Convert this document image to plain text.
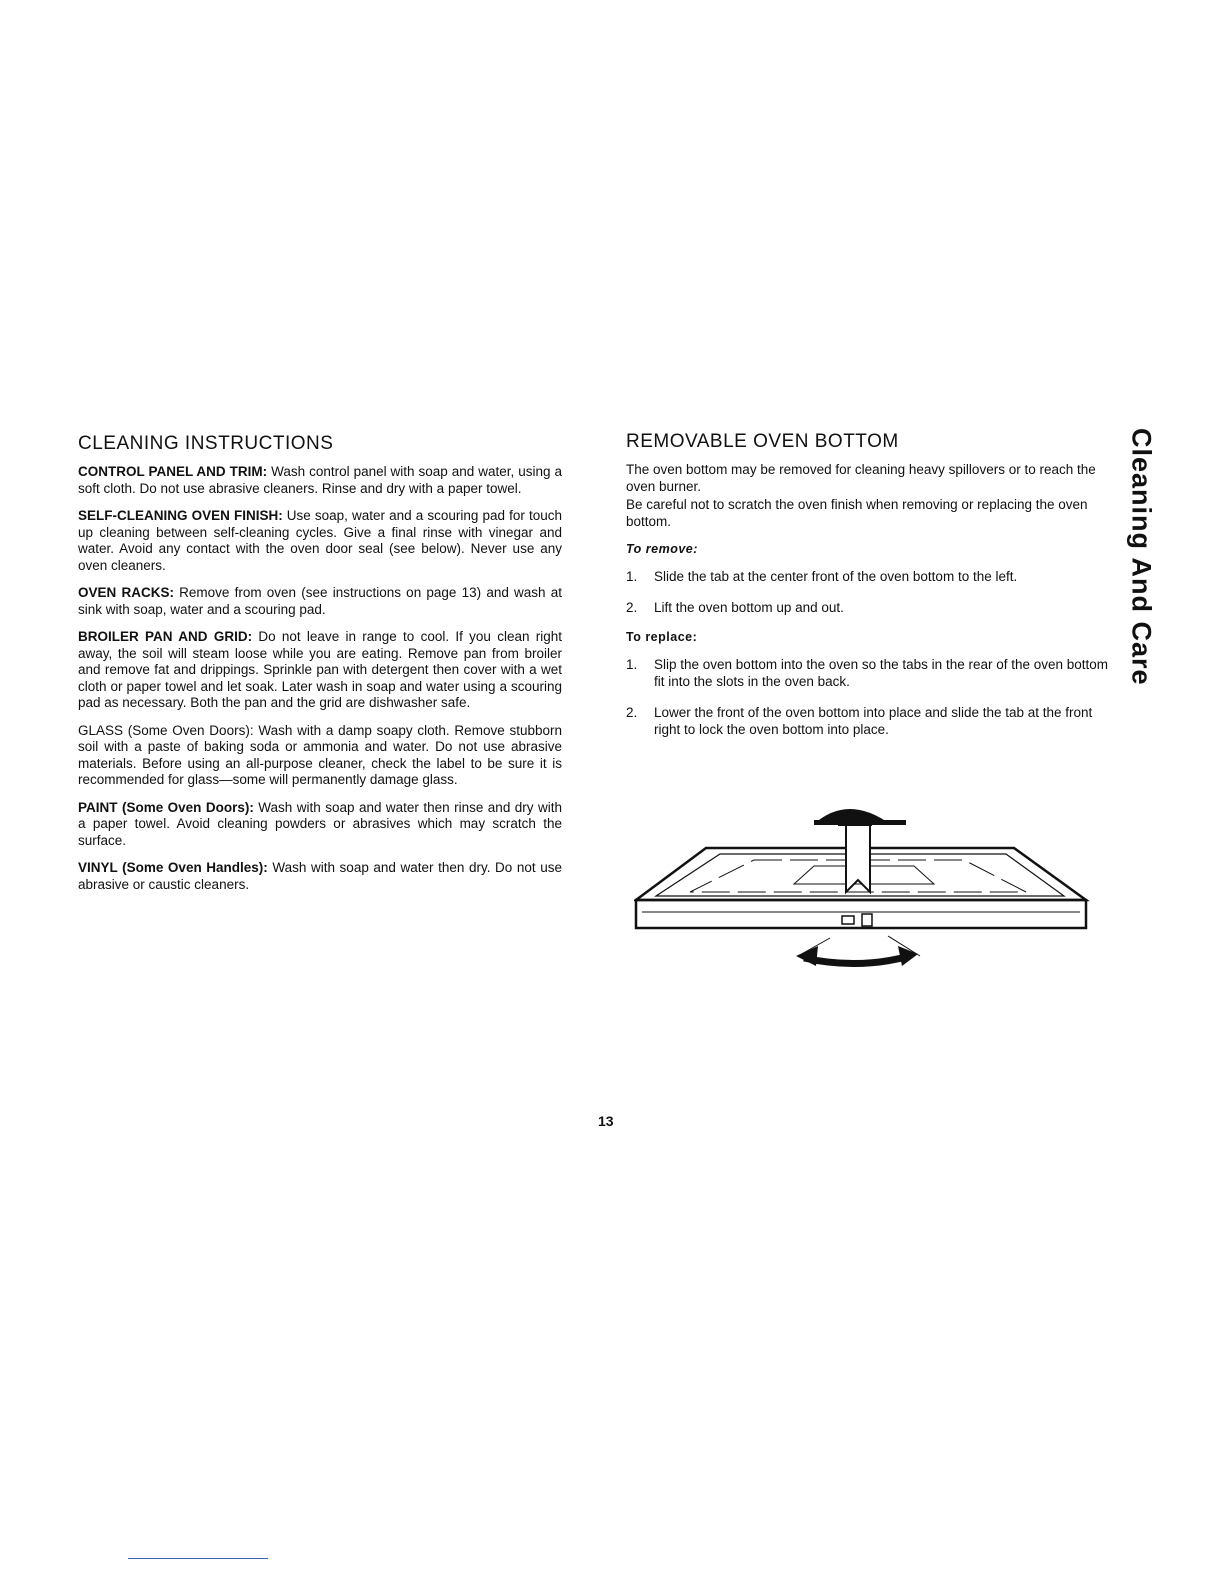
CLEANING INSTRUCTIONS

CONTROL PANEL AND TRIM: Wash control panel with soap and water, using a soft cloth. Do not use abrasive cleaners. Rinse and dry with a paper towel.

SELF-CLEANING OVEN FINISH: Use soap, water and a scouring pad for touch up cleaning between self-cleaning cycles. Give a final rinse with vinegar and water. Avoid any contact with the oven door seal (see below). Never use any oven cleaners.

OVEN RACKS: Remove from oven (see instructions on page 13) and wash at sink with soap, water and a scouring pad.

BROILER PAN AND GRID: Do not leave in range to cool. If you clean right away, the soil will steam loose while you are eating. Remove pan from broiler and remove fat and drippings. Sprinkle pan with detergent then cover with a wet cloth or paper towel and let soak. Later wash in soap and water using a scouring pad as necessary. Both the pan and the grid are dishwasher safe.

GLASS (Some Oven Doors): Wash with a damp soapy cloth. Remove stubborn soil with a paste of baking soda or ammonia and water. Do not use abrasive materials. Before using an all-purpose cleaner, check the label to be sure it is recommended for glass—some will permanently damage glass.

PAINT (Some Oven Doors): Wash with soap and water then rinse and dry with a paper towel. Avoid cleaning powders or abrasives which may scratch the surface.

VINYL (Some Oven Handles): Wash with soap and water then dry. Do not use abrasive or caustic cleaners.

REMOVABLE OVEN BOTTOM

The oven bottom may be removed for cleaning heavy spillovers or to reach the oven burner.

Be careful not to scratch the oven finish when removing or replacing the oven bottom.

To remove:
1.	Slide the tab at the center front of the oven bottom to the left.
2.	Lift the oven bottom up and out.
To replace:
1.	Slip the oven bottom into the oven so the tabs in the rear of the oven bottom fit into the slots in the oven back.
2.	Lower the front of the oven bottom into place and slide the tab at the front right to lock the oven bottom into place.
Cleaning And Care
13
